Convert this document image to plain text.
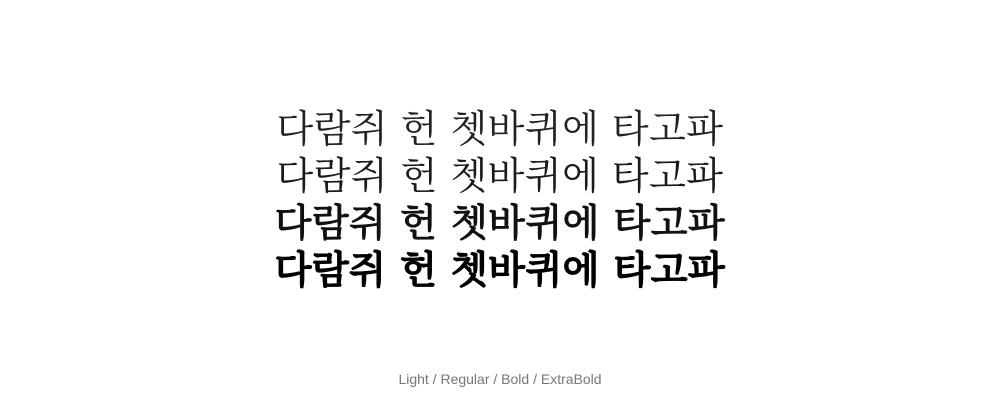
다람쥐 헌 쳇바퀴에 타고파
다람쥐 헌 쳇바퀴에 타고파
다람쥐 헌 쳇바퀴에 타고파
다람쥐 헌 쳇바퀴에 타고파
Light / Regular / Bold / ExtraBold
